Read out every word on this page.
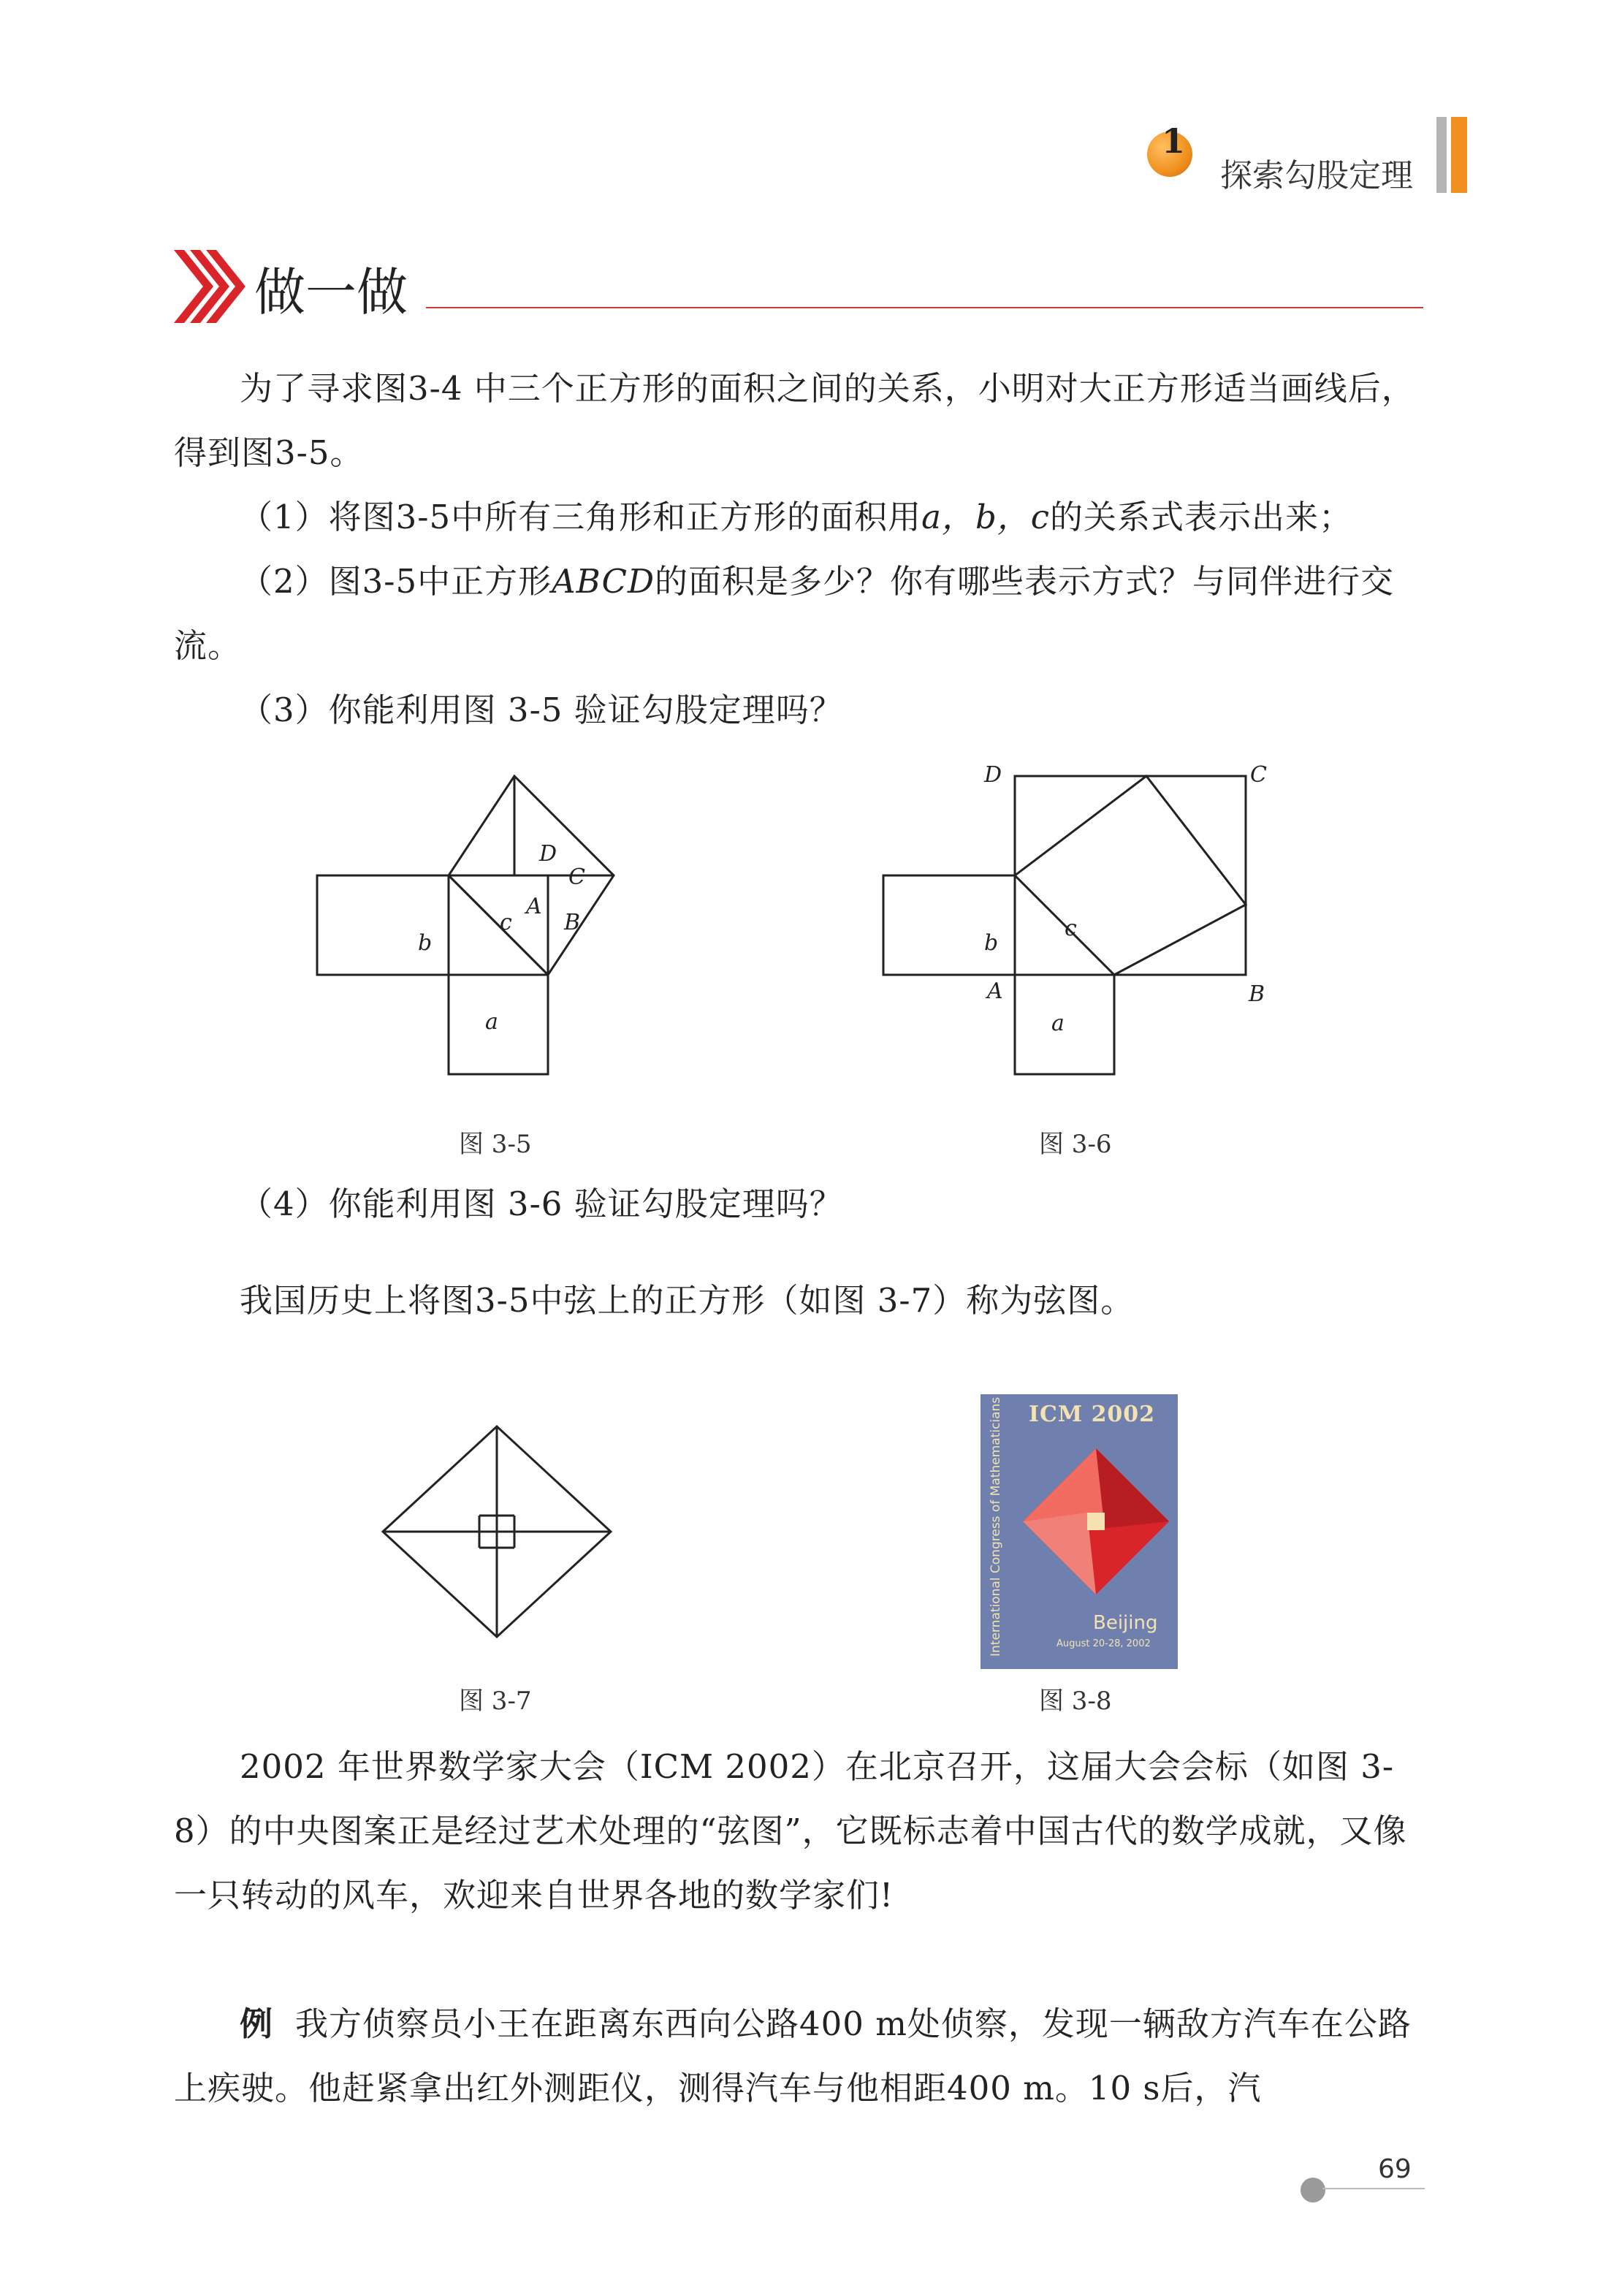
1
探索勾股定理
做一做
为了寻求图3-4 中三个正方形的面积之间的关系，小明对大正方形适当画线后，得到图3-5。
（1）将图3-5中所有三角形和正方形的面积用a，b，c的关系式表示出来；
（2）图3-5中正方形ABCD的面积是多少？你有哪些表示方式？与同伴进行交流。
（3）你能利用图 3-5 验证勾股定理吗？
D
C
A
B
c
b
a
图 3-5
D	C
A	B
c
b
a
图 3-6
（4）你能利用图 3-6 验证勾股定理吗？
我国历史上将图3-5中弦上的正方形（如图 3-7）称为弦图。
图 3-7
ICM 2002
International Congress of Mathematicians	Beijing
August 20-28, 2002
图 3-8
2002 年世界数学家大会（ICM 2002）在北京召开，这届大会会标（如图 3-8）的中央图案正是经过艺术处理的“弦图”，它既标志着中国古代的数学成就，又像一只转动的风车，欢迎来自世界各地的数学家们!
例 我方侦察员小王在距离东西向公路400 m处侦察，发现一辆敌方汽车在公路上疾驶。他赶紧拿出红外测距仪，测得汽车与他相距400 m。10 s后，汽
69
